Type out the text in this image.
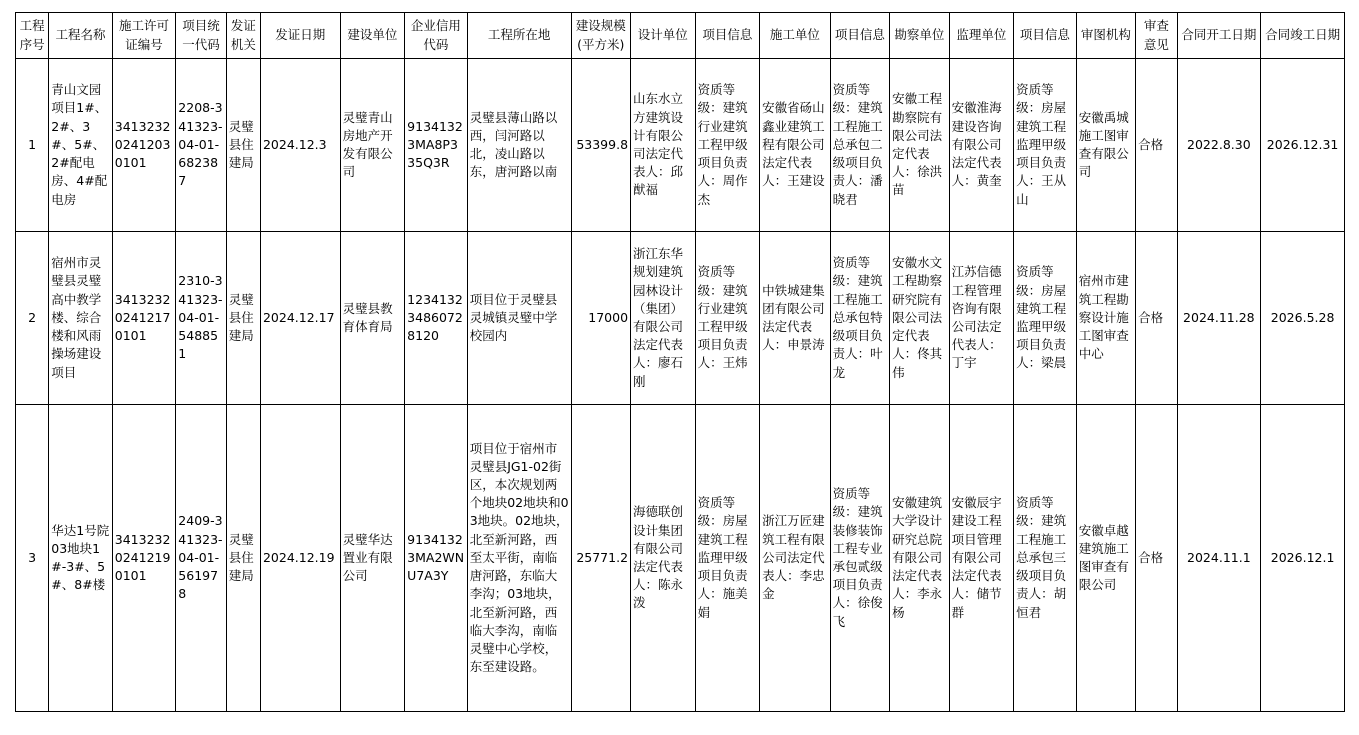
工程序号	工程名称	施工许可证编号	项目统一代码	发证机关	发证日期	建设单位	企业信用代码	工程所在地	建设规模(平方米)	设计单位	项目信息	施工单位	项目信息	勘察单位	监理单位	项目信息	审图机构	审查意见	合同开工日期	合同竣工日期
1	青山文园项目1#、2#、3#、5#、2#配电房、4#配电房	341323202412030101	2208-341323-04-01-682387	灵璧县住建局	2024.12.3	灵璧青山房地产开发有限公司	91341323MA8P335Q3R	灵璧县薄山路以西，闫河路以北，凌山路以东，唐河路以南	53399.8	山东水立方建筑设计有限公司法定代表人：邱猷福	资质等级：建筑行业建筑工程甲级项目负责人：周作杰	安徽省砀山鑫业建筑工程有限公司法定代表人：王建设	资质等级：建筑工程施工总承包二级项目负责人：潘晓君	安徽工程勘察院有限公司法定代表人：徐洪苗	安徽淮海建设咨询有限公司法定代表人：黄奎	资质等级：房屋建筑工程监理甲级项目负责人：王从山	安徽禹城施工图审查有限公司	合格	2022.8.30	2026.12.31
2	宿州市灵璧县灵璧高中教学楼、综合楼和风雨操场建设项目	341323202412170101	2310-341323-04-01-548851	灵璧县住建局	2024.12.17	灵璧县教育体育局	12341323486072 8120	项目位于灵璧县灵城镇灵璧中学校园内	17000	浙江东华规划建筑园林设计（集团）有限公司法定代表人：廖石刚	资质等级：建筑行业建筑工程甲级项目负责人：王炜	中铁城建集团有限公司法定代表人：申景涛	资质等级：建筑工程施工总承包特级项目负责人：叶龙	安徽水文工程勘察研究院有限公司法定代表人：佟其伟	江苏信德工程管理咨询有限公司法定代表人：丁宇	资质等级：房屋建筑工程监理甲级项目负责人：梁晨	宿州市建筑工程勘察设计施工图审查中心	合格	2024.11.28	2026.5.28
3	华达1号院03地块1#-3#、5#、8#楼	341323202412190101	2409-341323-04-01-561978	灵璧县住建局	2024.12.19	灵璧华达置业有限公司	91341323MA2WNU7A3Y	项目位于宿州市灵璧县JG1-02街区，本次规划两个地块02地块和03地块。02地块，北至新河路，西至太平街，南临唐河路，东临大李沟；03地块，北至新河路，西临大李沟，南临灵璧中心学校，东至建设路。	25771.2	海德联创设计集团有限公司法定代表人：陈永泼	资质等级：房屋建筑工程监理甲级项目负责人：施美娟	浙江万匠建筑工程有限公司法定代表人：李忠金	资质等级：建筑装修装饰工程专业承包贰级项目负责人：徐俊飞	安徽建筑大学设计研究总院有限公司法定代表人：李永杨	安徽辰宇建设工程项目管理有限公司法定代表人：储节群	资质等级：建筑工程施工总承包三级项目负责人：胡恒君	安徽卓越建筑施工图审查有限公司	合格	2024.11.1	2026.12.1
